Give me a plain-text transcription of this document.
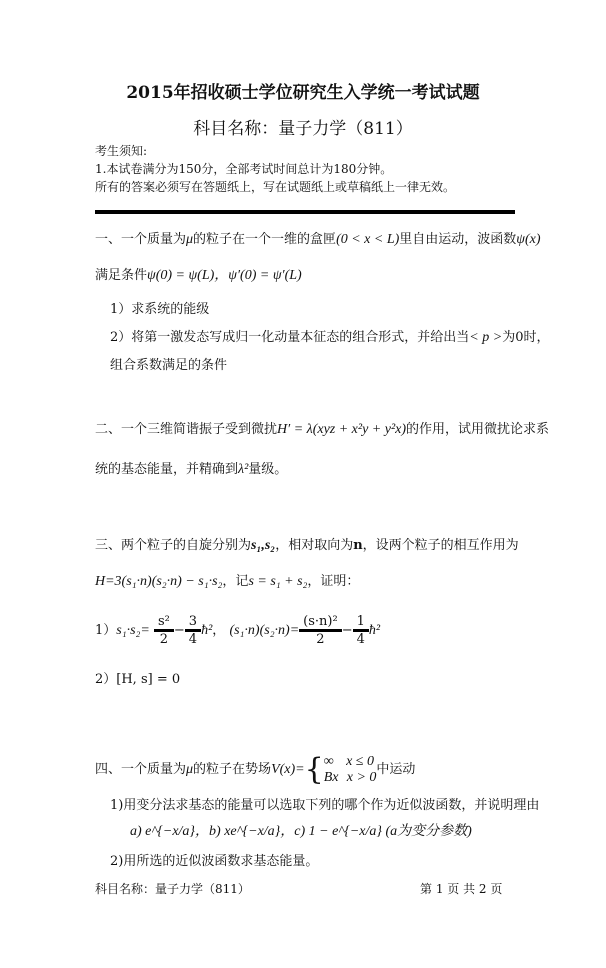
2015年招收硕士学位研究生入学统一考试试题
科目名称：量子力学（811）
考生须知:
1.本试卷满分为150分，全部考试时间总计为180分钟。
所有的答案必须写在答题纸上，写在试题纸上或草稿纸上一律无效。
一、一个质量为μ的粒子在一个一维的盒匣(0 < x < L)里自由运动，波函数ψ(x)
满足条件ψ(0) = ψ(L)，ψ′(0) = ψ′(L)
1）求系统的能级
2）将第一激发态写成归一化动量本征态的组合形式，并给出当< p >为0时，
组合系数满足的条件
二、一个三维简谐振子受到微扰H′ = λ(xyz + x²y + y²x)的作用，试用微扰论求系
统的基态能量，并精确到λ²量级。
三、两个粒子的自旋分别为s₁,s₂，相对取向为n，设两个粒子的相互作用为
H=3(s₁·n)(s₂·n) − s₁·s₂，记s = s₁ + s₂，证明：
$1)s_1\cdot s_2= \frac{\text{s²}}{2} - \frac{3}{4}$ ħ²， $(s_1\cdot n)(s_2\cdot n)= \frac{\text{(s·n)²}}{2} - \frac{1}{4}$ ħ²
2）[H, s] = 0
四、一个质量为μ的粒子在势场V(x)={∞ x ≤ 0
Bx x > 0中运动
1)用变分法求基态的能量可以选取下列的哪个作为近似波函数，并说明理由
a) e^{−x/a}，b) xe^{−x/a}，c) 1 − e^{−x/a} (a为变分参数)
2)用所选的近似波函数求基态能量。
科目名称：量子力学（811）	第 1 页 共 2 页
